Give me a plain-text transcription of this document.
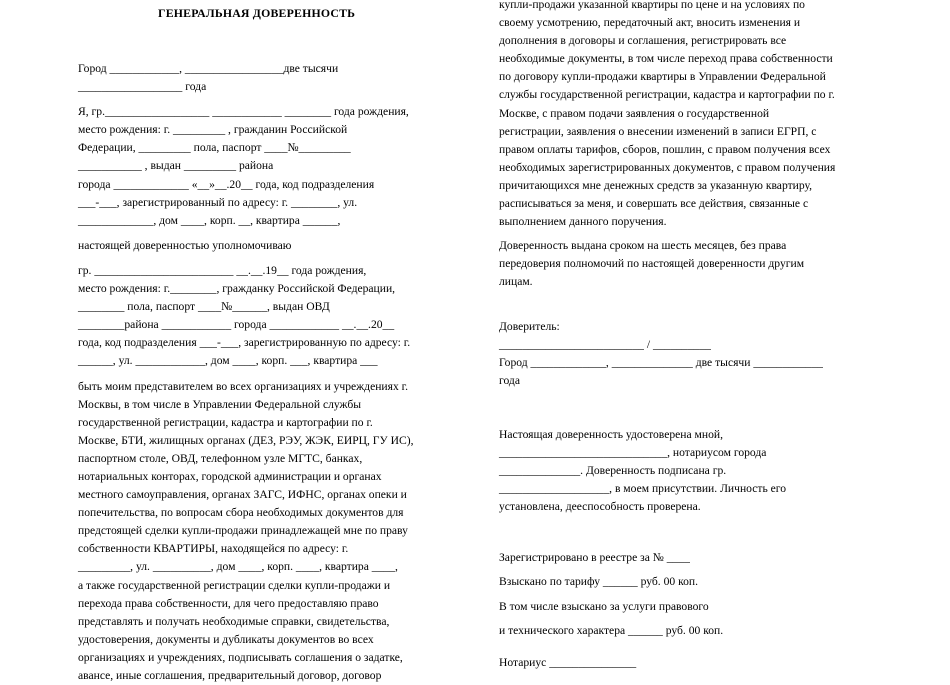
ГЕНЕРАЛЬНАЯ ДОВЕРЕННОСТЬ
Город ____________, _________________две тысячи
__________________ года
Я, гр.__________________ ____________ ________ года рождения,
место рождения: г. _________ , гражданин Российской
Федерации, _________ пола, паспорт ____№_________
___________ , выдан _________ района
города _____________ «__»__.20__ года, код подразделения
___-___, зарегистрированный по адресу: г. ________, ул.
_____________, дом ____, корп. __, квартира ______,
настоящей доверенностью уполномочиваю
гр. ________________________ __.__.19__ года рождения,
место рождения: г.________, гражданку Российской Федерации,
________ пола, паспорт ____№______, выдан ОВД
________района ____________ города ____________ __.__.20__
года, код подразделения ___-___, зарегистрированную по адресу: г.
______, ул. ____________, дом ____, корп. ___, квартира ___
быть моим представителем во всех организациях и учреждениях г.
Москвы, в том числе в Управлении Федеральной службы
государственной регистрации, кадастра и картографии по г.
Москве, БТИ, жилищных органах (ДЕЗ, РЭУ, ЖЭК, ЕИРЦ, ГУ ИС),
паспортном столе, ОВД, телефонном узле МГТС, банках,
нотариальных конторах, городской администрации и органах
местного самоуправления, органах ЗАГС, ИФНС, органах опеки и
попечительства, по вопросам сбора необходимых документов для
предстоящей сделки купли-продажи принадлежащей мне по праву
собственности КВАРТИРЫ, находящейся по адресу: г.
_________, ул. __________, дом ____, корп. ____, квартира ____,
а также государственной регистрации сделки купли-продажи и
перехода права собственности, для чего предоставляю право
представлять и получать необходимые справки, свидетельства,
удостоверения, документы и дубликаты документов во всех
организациях и учреждениях, подписывать соглашения о задатке,
авансе, иные соглашения, предварительный договор, договор
купли-продажи указанной квартиры по цене и на условиях по
своему усмотрению, передаточный акт, вносить изменения и
дополнения в договоры и соглашения, регистрировать все
необходимые документы, в том числе переход права собственности
по договору купли-продажи квартиры в Управлении Федеральной
службы государственной регистрации, кадастра и картографии по г.
Москве, с правом подачи заявления о государственной
регистрации, заявления о внесении изменений в записи ЕГРП, с
правом оплаты тарифов, сборов, пошлин, с правом получения всех
необходимых зарегистрированных документов, с правом получения
причитающихся мне денежных средств за указанную квартиру,
расписываться за меня, и совершать все действия, связанные с
выполнением данного поручения.
Доверенность выдана сроком на шесть месяцев, без права
передоверия полномочий по настоящей доверенности другим
лицам.
Доверитель:
_________________________ / __________
Город _____________, ______________ две тысячи ____________
года
Настоящая доверенность удостоверена мной,
_____________________________, нотариусом города
______________. Доверенность подписана гр.
___________________, в моем присутствии. Личность его
установлена, дееспособность проверена.
Зарегистрировано в реестре за № ____
Взыскано по тарифу ______ руб. 00 коп.
В том числе взыскано за услуги правового
и технического характера ______ руб. 00 коп.
Нотариус _______________
